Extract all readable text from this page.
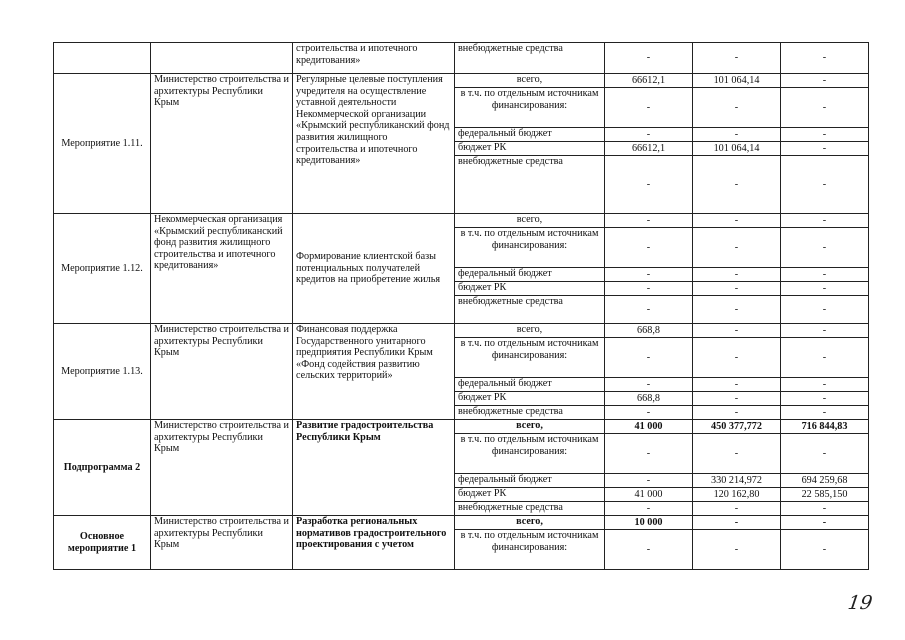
		строительства и ипотечного кредитования»	внебюджетные средства	-	-	-
Мероприятие 1.11.	Министерство строительства и архитектуры Республики Крым	Регулярные целевые поступления учредителя на осуществление уставной деятельности Некоммерческой организации «Крымский республиканский фонд развития жилищного строительства и ипотечного кредитования»	всего,	66612,1	101 064,14	-
			в т.ч. по отдельным источникам финансирования:	-	-	-
			федеральный бюджет	-	-	-
			бюджет РК	66612,1	101 064,14	-
			внебюджетные средства	-	-	-
Мероприятие 1.12.	Некоммерческая организация «Крымский республиканский фонд развития жилищного строительства и ипотечного кредитования»	Формирование клиентской базы потенциальных получателей кредитов на приобретение жилья	всего,	-	-	-
			в т.ч. по отдельным источникам финансирования:	-	-	-
			федеральный бюджет	-	-	-
			бюджет РК	-	-	-
			внебюджетные средства	-	-	-
Мероприятие 1.13.	Министерство строительства и архитектуры Республики Крым	Финансовая поддержка Государственного унитарного предприятия Республики Крым «Фонд содействия развитию сельских территорий»	всего,	668,8	-	-
			в т.ч. по отдельным источникам финансирования:	-	-	-
			федеральный бюджет	-	-	-
			бюджет РК	668,8	-	-
			внебюджетные средства	-	-	-
Подпрограмма 2	Министерство строительства и архитектуры Республики Крым	Развитие градостроительства Республики Крым	всего,	41 000	450 377,772	716 844,83
			в т.ч. по отдельным источникам финансирования:	-	-	-
			федеральный бюджет	-	330 214,972	694 259,68
			бюджет РК	41 000	120 162,80	22 585,150
			внебюджетные средства	-	-	-
Основное мероприятие 1	Министерство строительства и архитектуры Республики Крым	Разработка региональных нормативов градостроительного проектирования с учетом	всего,	10 000	-	-
			в т.ч. по отдельным источникам финансирования:	-	-	-
19
